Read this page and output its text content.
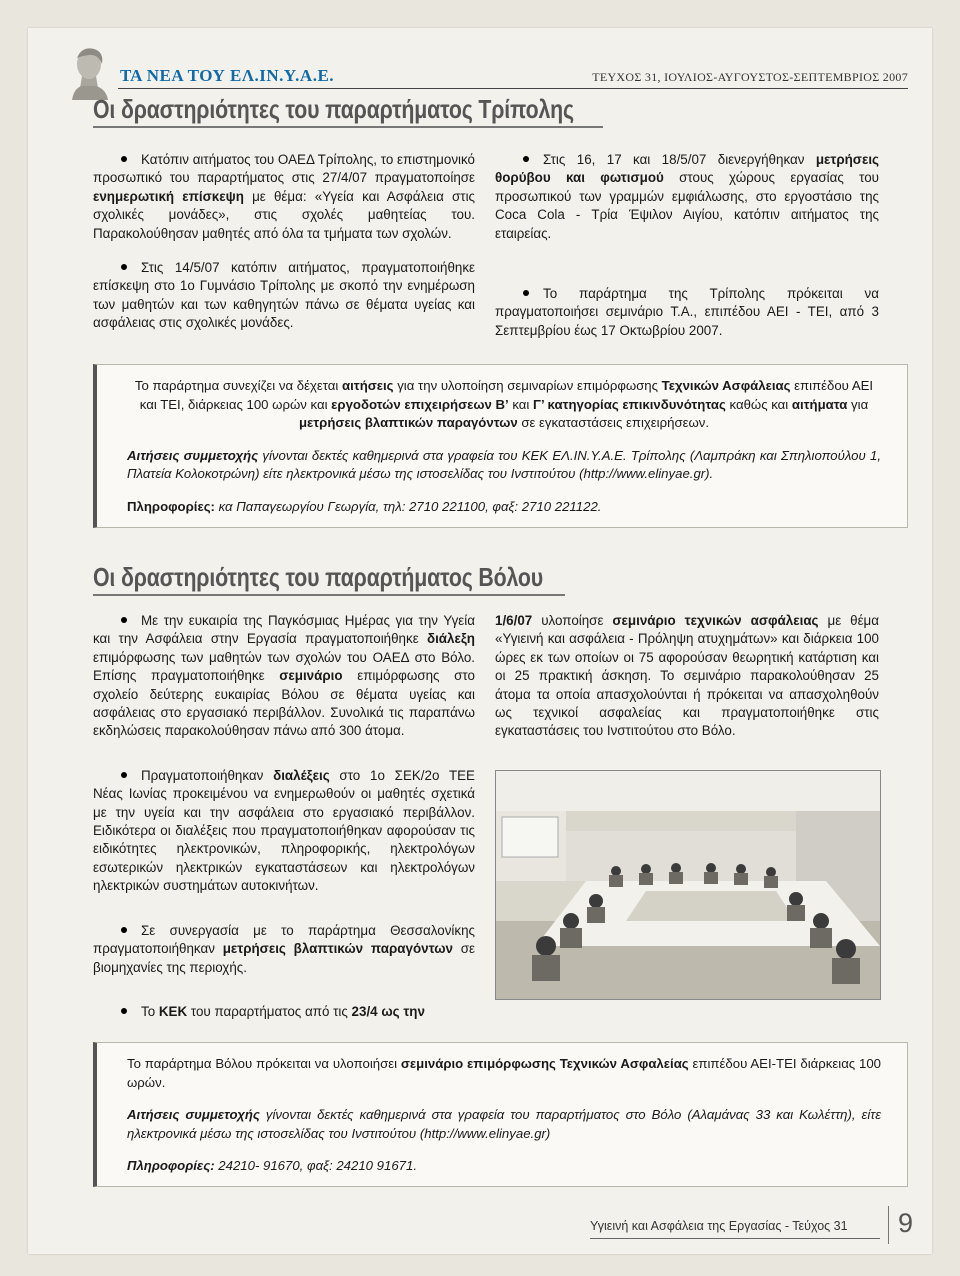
ΤΑ ΝΕΑ ΤΟΥ ΕΛ.ΙΝ.Υ.Α.Ε.	ΤΕΥΧΟΣ 31, ΙΟΥΛΙΟΣ-ΑΥΓΟΥΣΤΟΣ-ΣΕΠΤΕΜΒΡΙΟΣ 2007
Οι δραστηριότητες του παραρτήματος Τρίπολης

Κατόπιν αιτήματος του ΟΑΕΔ Τρίπολης, το επιστημονικό προσωπικό του παραρτήματος στις 27/4/07 πραγματοποίησε ενημερωτική επίσκεψη με θέμα: «Υγεία και Ασφάλεια στις σχολικές μονάδες», στις σχολές μαθητείας του. Παρακολούθησαν μαθητές από όλα τα τμήματα των σχολών.

Στις 14/5/07 κατόπιν αιτήματος, πραγματοποιήθηκε επίσκεψη στο 1ο Γυμνάσιο Τρίπολης με σκοπό την ενημέρωση των μαθητών και των καθηγητών πάνω σε θέματα υγείας και ασφάλειας στις σχολικές μονάδες.

Στις 16, 17 και 18/5/07 διενεργήθηκαν μετρήσεις θορύβου και φωτισμού στους χώρους εργασίας του προσωπικού των γραμμών εμφιάλωσης, στο εργοστάσιο της Coca Cola - Τρία Έψιλον Αιγίου, κατόπιν αιτήματος της εταιρείας.

Το παράρτημα της Τρίπολης πρόκειται να πραγματοποιήσει σεμινάριο Τ.Α., επιπέδου ΑΕΙ - ΤΕΙ, από 3 Σεπτεμβρίου έως 17 Οκτωβρίου 2007.

Το παράρτημα συνεχίζει να δέχεται αιτήσεις για την υλοποίηση σεμιναρίων επιμόρφωσης Τεχνικών Ασφάλειας επιπέδου ΑΕΙ και ΤΕΙ, διάρκειας 100 ωρών και εργοδοτών επιχειρήσεων Β’ και Γ’ κατηγορίας επικινδυνότητας καθώς και αιτήματα για μετρήσεις βλαπτικών παραγόντων σε εγκαταστάσεις επιχειρήσεων.

Αιτήσεις συμμετοχής γίνονται δεκτές καθημερινά στα γραφεία του ΚΕΚ ΕΛ.ΙΝ.Υ.Α.Ε. Τρίπολης (Λαμπράκη και Σπηλιοπούλου 1, Πλατεία Κολοκοτρώνη) είτε ηλεκτρονικά μέσω της ιστοσελίδας του Ινστιτούτου (http://www.elinyae.gr).

Πληροφορίες: κα Παπαγεωργίου Γεωργία, τηλ: 2710 221100, φαξ: 2710 221122.

Οι δραστηριότητες του παραρτήματος Βόλου

Με την ευκαιρία της Παγκόσμιας Ημέρας για την Υγεία και την Ασφάλεια στην Εργασία πραγματοποιήθηκε διάλεξη επιμόρφωσης των μαθητών των σχολών του ΟΑΕΔ στο Βόλο. Επίσης πραγματοποιήθηκε σεμινάριο επιμόρφωσης στο σχολείο δεύτερης ευκαιρίας Βόλου σε θέματα υγείας και ασφάλειας στο εργασιακό περιβάλλον. Συνολικά τις παραπάνω εκδηλώσεις παρακολούθησαν πάνω από 300 άτομα.

Πραγματοποιήθηκαν διαλέξεις στο 1ο ΣΕΚ/2ο ΤΕΕ Νέας Ιωνίας προκειμένου να ενημερωθούν οι μαθητές σχετικά με την υγεία και την ασφάλεια στο εργασιακό περιβάλλον. Ειδικότερα οι διαλέξεις που πραγματοποιήθηκαν αφορούσαν τις ειδικότητες ηλεκτρονικών, πληροφορικής, ηλεκτρολόγων εσωτερικών ηλεκτρικών εγκαταστάσεων και ηλεκτρολόγων ηλεκτρικών συστημάτων αυτοκινήτων.

Σε συνεργασία με το παράρτημα Θεσσαλονίκης πραγματοποιήθηκαν μετρήσεις βλαπτικών παραγόντων σε βιομηχανίες της περιοχής.

Το ΚΕΚ του παραρτήματος από τις 23/4 ως την

1/6/07 υλοποίησε σεμινάριο τεχνικών ασφάλειας με θέμα «Υγιεινή και ασφάλεια - Πρόληψη ατυχημάτων» και διάρκεια 100 ώρες εκ των οποίων οι 75 αφορούσαν θεωρητική κατάρτιση και οι 25 πρακτική άσκηση. Το σεμινάριο παρακολούθησαν 25 άτομα τα οποία απασχολούνται ή πρόκειται να απασχοληθούν ως τεχνικοί ασφαλείας και πραγματοποιήθηκε στις εγκαταστάσεις του Ινστιτούτου στο Βόλο.

Το παράρτημα Βόλου πρόκειται να υλοποιήσει σεμινάριο επιμόρφωσης Τεχνικών Ασφαλείας επιπέδου ΑΕΙ-ΤΕΙ διάρκειας 100 ωρών.

Αιτήσεις συμμετοχής γίνονται δεκτές καθημερινά στα γραφεία του παραρτήματος στο Βόλο (Αλαμάνας 33 και Κωλέττη), είτε ηλεκτρονικά μέσω της ιστοσελίδας του Ινστιτούτου (http://www.elinyae.gr)

Πληροφορίες: 24210- 91670, φαξ: 24210 91671.

Υγιεινή και Ασφάλεια της Εργασίας - Τεύχος 31 9
